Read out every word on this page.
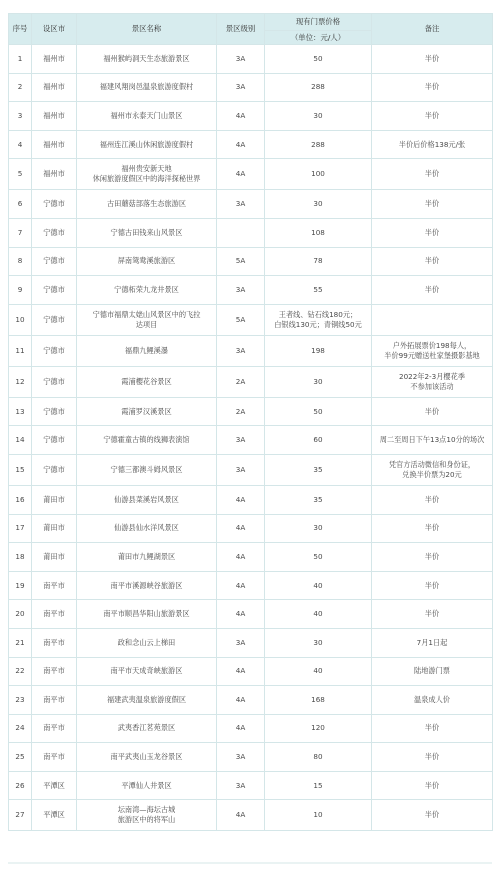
序号	设区市	景区名称	景区级别	现有门票价格	备注
				（单位：元/人）	
1	福州市	福州猴屿洞天生态旅游景区	3A	50	半价

2	福州市	福建风翔岗邑温泉旅游度假村	3A	288	半价

3	福州市	福州市永泰天门山景区	4A	30	半价

4	福州市	福州连江溪山休闲旅游度假村	4A	288	半价后价格138元/张

5	福州市	福州贵安新天地
休闲旅游度假区中的海洋探秘世界	4A	100	半价

6	宁德市	古田蘑菇部落生态旅游区	3A	30	半价

7	宁德市	宁德古田钱来山风景区		108	半价

8	宁德市	屏南鸳鸯溪旅游区	5A	78	半价

9	宁德市	宁德柘荣九龙井景区	3A	55	半价

10	宁德市	宁德市福鼎太姥山风景区中的飞拉
达项目	5A	王者线、钻石线180元；
白银线130元；青铜线50元	

11	宁德市	福鼎九鲤溪瀑	3A	198	户外拓展票价198每人，
半价99元赠送杜家堡摄影基地

12	宁德市	霞浦樱花谷景区	2A	30	2022年2-3月樱花季
不参加该活动

13	宁德市	霞浦罗汉溪景区	2A	50	半价

14	宁德市	宁德霍童古镇的线狮表演馆	3A	60	周二至周日下午13点10分的场次

15	宁德市	宁德三都澳斗姆风景区	3A	35	凭官方活动微信和身份证，
兑换半价票为20元

16	莆田市	仙游县菜溪岩风景区	4A	35	半价

17	莆田市	仙游县仙水洋风景区	4A	30	半价

18	莆田市	莆田市九鲤湖景区	4A	50	半价

19	南平市	南平市溪源峡谷旅游区	4A	40	半价

20	南平市	南平市顺昌华阳山旅游景区	4A	40	半价

21	南平市	政和念山云上梯田	3A	30	7月1日起

22	南平市	南平市天成奇峡旅游区	4A	40	陆地游门票

23	南平市	福建武夷温泉旅游度假区	4A	168	温泉成人价

24	南平市	武夷香江茗苑景区	4A	120	半价

25	南平市	南平武夷山玉龙谷景区	3A	80	半价

26	平潭区	平潭仙人井景区	3A	15	半价

27	平潭区	坛南湾—海坛古城
旅游区中的将军山	4A	10	半价
